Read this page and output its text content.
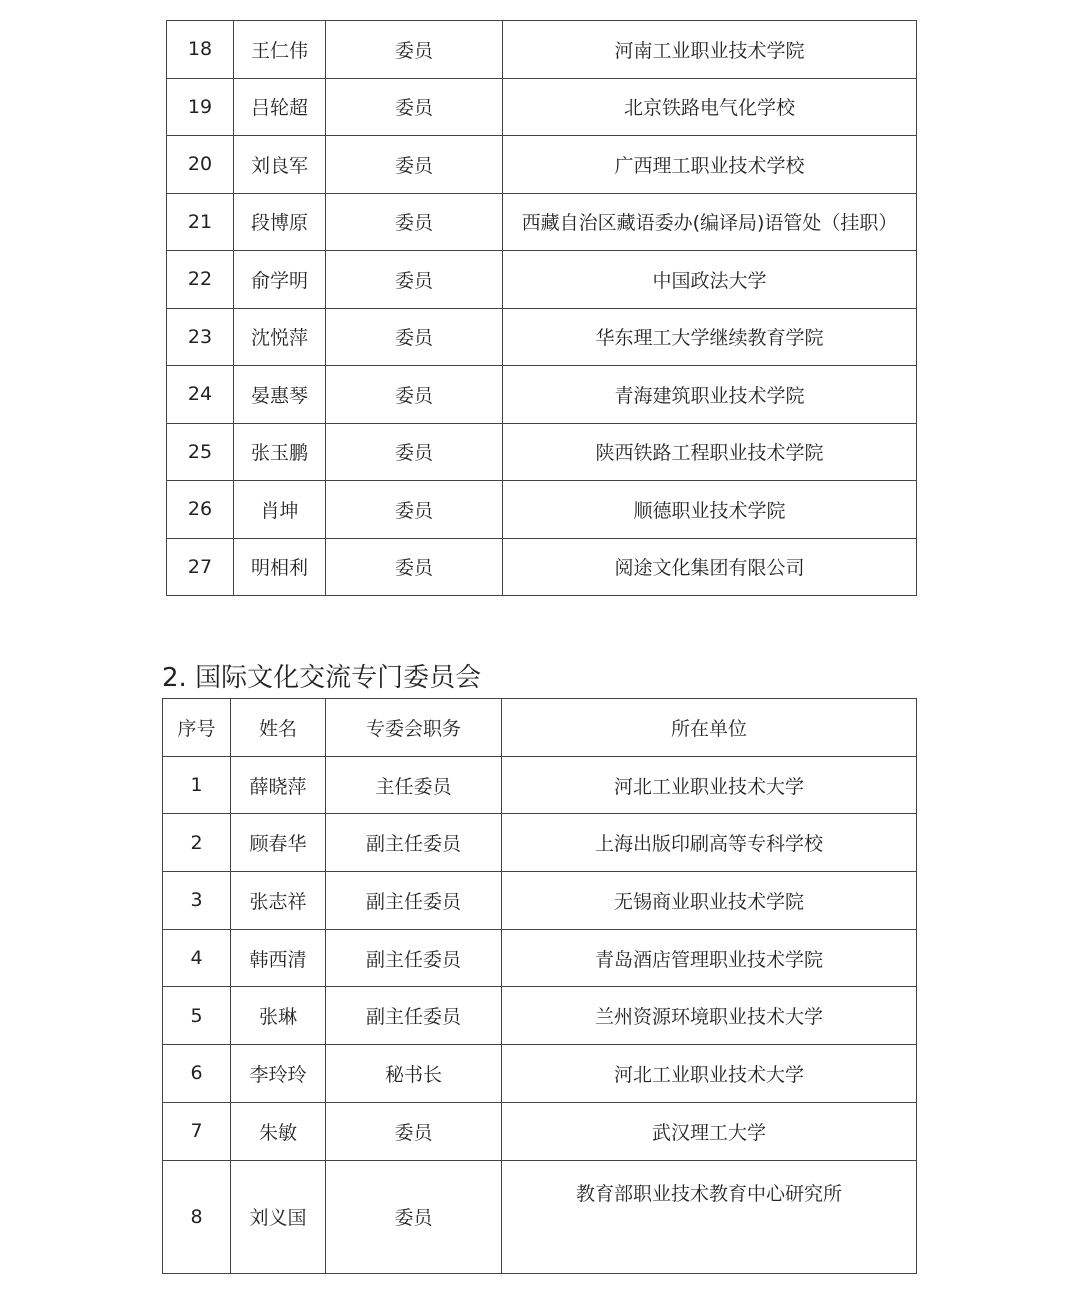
18	王仁伟	委员	河南工业职业技术学院
19	吕轮超	委员	北京铁路电气化学校
20	刘良军	委员	广西理工职业技术学校
21	段博原	委员	西藏自治区藏语委办(编译局)语管处（挂职）
22	俞学明	委员	中国政法大学
23	沈悦萍	委员	华东理工大学继续教育学院
24	晏惠琴	委员	青海建筑职业技术学院
25	张玉鹏	委员	陕西铁路工程职业技术学院
26	肖坤	委员	顺德职业技术学院
27	明相利	委员	阅途文化集团有限公司
2. 国际文化交流专门委员会
序号	姓名	专委会职务	所在单位
1	薛晓萍	主任委员	河北工业职业技术大学
2	顾春华	副主任委员	上海出版印刷高等专科学校
3	张志祥	副主任委员	无锡商业职业技术学院
4	韩西清	副主任委员	青岛酒店管理职业技术学院
5	张琳	副主任委员	兰州资源环境职业技术大学
6	李玲玲	秘书长	河北工业职业技术大学
7	朱敏	委员	武汉理工大学
8	刘义国	委员	教育部职业技术教育中心研究所
